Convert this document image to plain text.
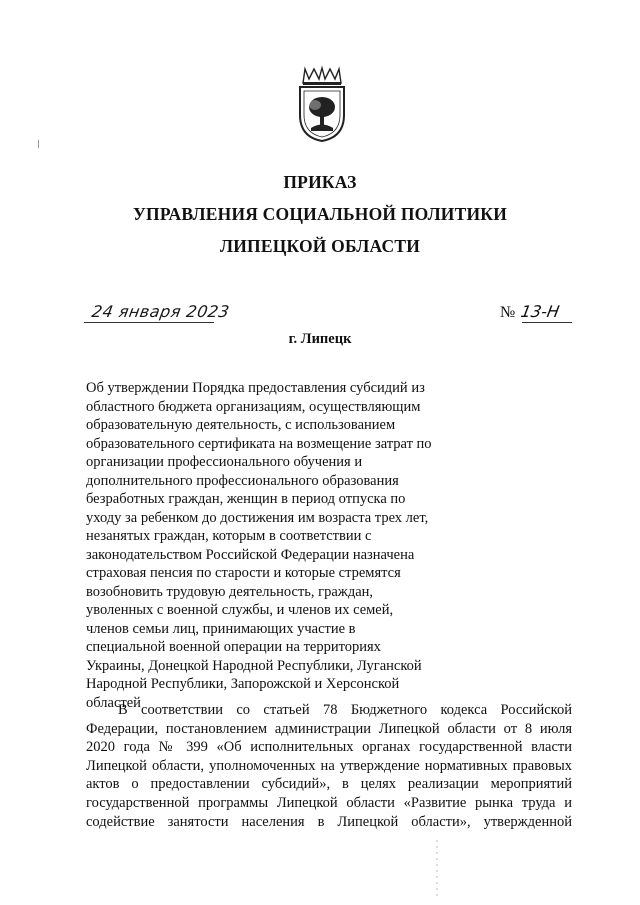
ПРИКАЗ
УПРАВЛЕНИЯ СОЦИАЛЬНОЙ ПОЛИТИКИ
ЛИПЕЦКОЙ ОБЛАСТИ
24 января 2023	№ 13-Н
г. Липецк
Об утверждении Порядка предоставления субсидий из
областного бюджета организациям, осуществляющим
образовательную деятельность, с использованием
образовательного сертификата на возмещение затрат по
организации профессионального обучения и
дополнительного профессионального образования
безработных граждан, женщин в период отпуска по
уходу за ребенком до достижения им возраста трех лет,
незанятых граждан, которым в соответствии с
законодательством Российской Федерации назначена
страховая пенсия по старости и которые стремятся
возобновить трудовую деятельность, граждан,
уволенных с военной службы, и членов их семей,
членов семьи лиц, принимающих участие в
специальной военной операции на территориях
Украины, Донецкой Народной Республики, Луганской
Народной Республики, Запорожской и Херсонской
областей
В соответствии со статьей 78 Бюджетного кодекса Российской
Федерации, постановлением администрации Липецкой области от 8 июля
2020 года № 399 «Об исполнительных органах государственной власти
Липецкой области, уполномоченных на утверждение нормативных правовых
актов о предоставлении субсидий», в целях реализации мероприятий
государственной программы Липецкой области «Развитие рынка труда и
содействие занятости населения в Липецкой области», утвержденной
